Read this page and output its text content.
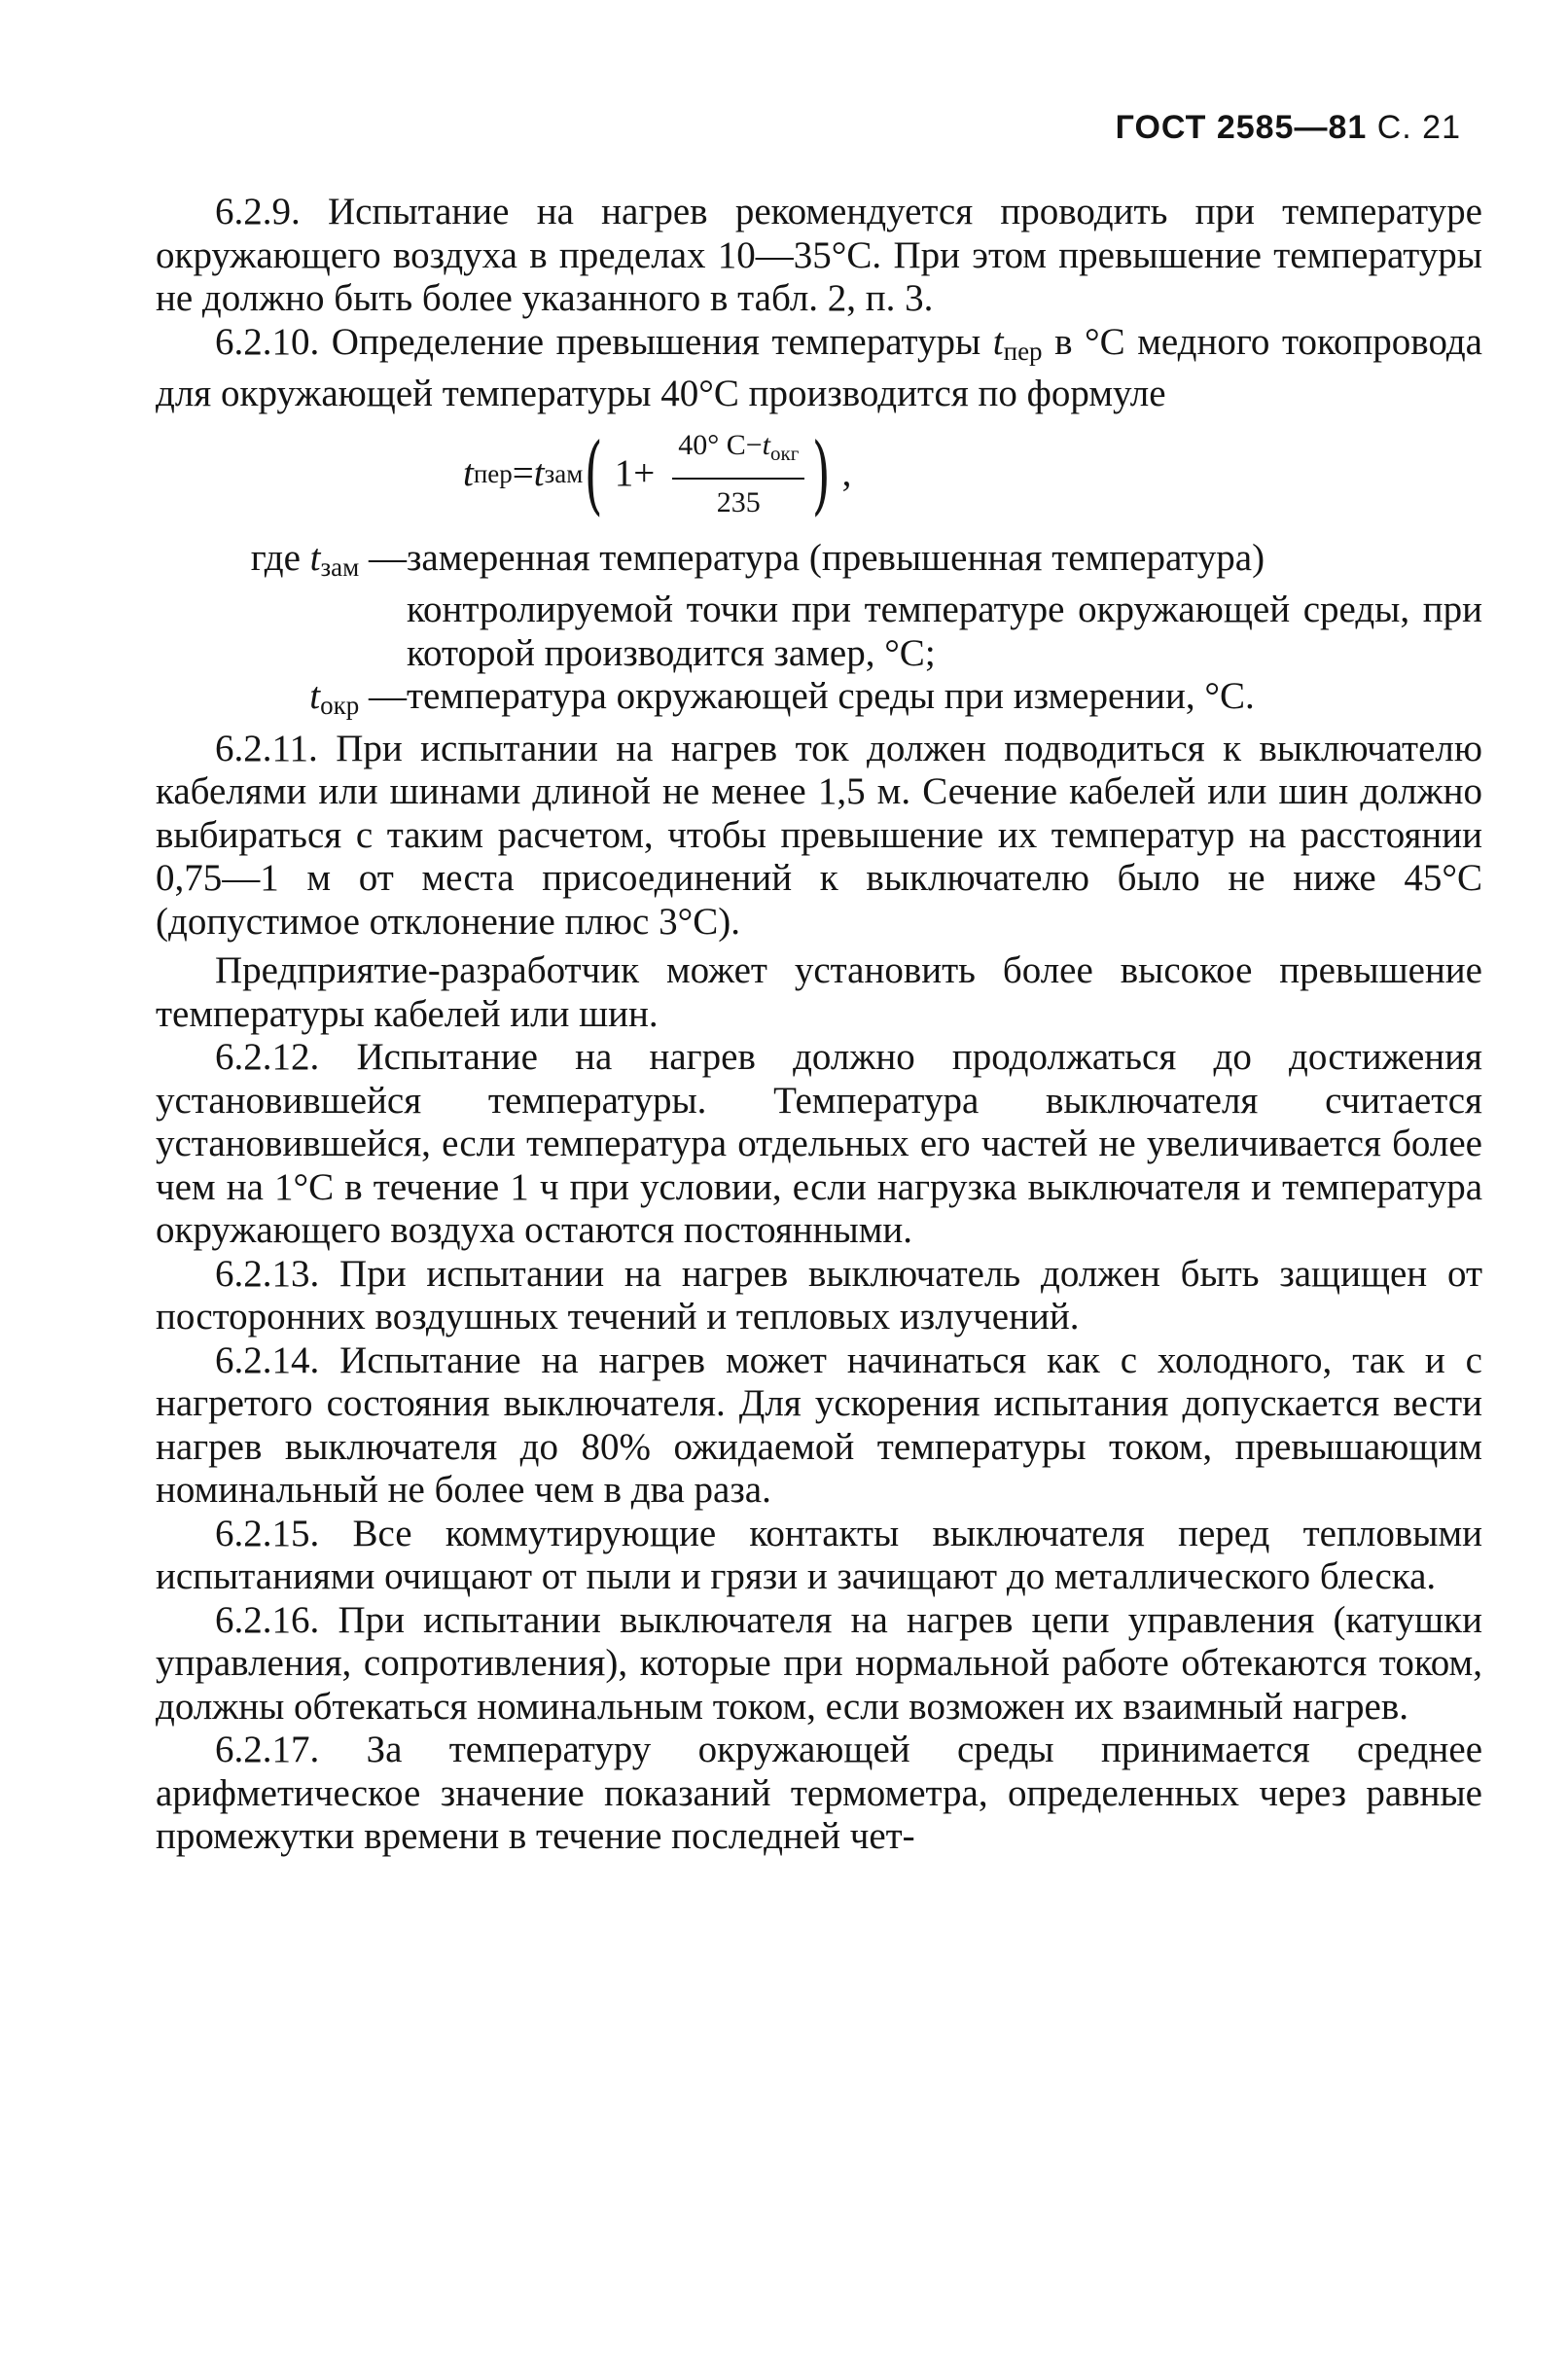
ГОСТ 2585—81 С. 21

6.2.9. Испытание на нагрев рекомендуется проводить при температуре окружающего воздуха в пределах 10—35°С. При этом превышение температуры не должно быть более указанного в табл. 2, п. 3.

6.2.10. Определение превышения температуры $t_{пер}$ в °С медного токопровода для окружающей температуры 40°С производится по формуле

t пер = t зам ( $1+ \frac{40^\circ С-t_{окг}}{235}$ ) ,
где $t_{зам}$ — замеренная температура (превышенная температура)

контролируемой точки при температуре окружающей среды, при которой производится замер, °С;

$t_{окр}$ — температура окружающей среды при измерении, °С.

6.2.11. При испытании на нагрев ток должен подводиться к выключателю кабелями или шинами длиной не менее 1,5 м. Сечение кабелей или шин должно выбираться с таким расчетом, чтобы превышение их температур на расстоянии 0,75—1 м от места присоединений к выключателю было не ниже 45°С (допустимое отклонение плюс 3°С).

Предприятие-разработчик может установить более высокое превышение температуры кабелей или шин.

6.2.12. Испытание на нагрев должно продолжаться до достижения установившейся температуры. Температура выключателя считается установившейся, если температура отдельных его частей не увеличивается более чем на 1°С в течение 1 ч при условии, если нагрузка выключателя и температура окружающего воздуха остаются постоянными.

6.2.13. При испытании на нагрев выключатель должен быть защищен от посторонних воздушных течений и тепловых излучений.

6.2.14. Испытание на нагрев может начинаться как с холодного, так и с нагретого состояния выключателя. Для ускорения испытания допускается вести нагрев выключателя до 80% ожидаемой температуры током, превышающим номинальный не более чем в два раза.

6.2.15. Все коммутирующие контакты выключателя перед тепловыми испытаниями очищают от пыли и грязи и зачищают до металлического блеска.

6.2.16. При испытании выключателя на нагрев цепи управления (катушки управления, сопротивления), которые при нормальной работе обтекаются током, должны обтекаться номинальным током, если возможен их взаимный нагрев.

6.2.17. За температуру окружающей среды принимается среднее арифметическое значение показаний термометра, определенных через равные промежутки времени в течение последней чет-
